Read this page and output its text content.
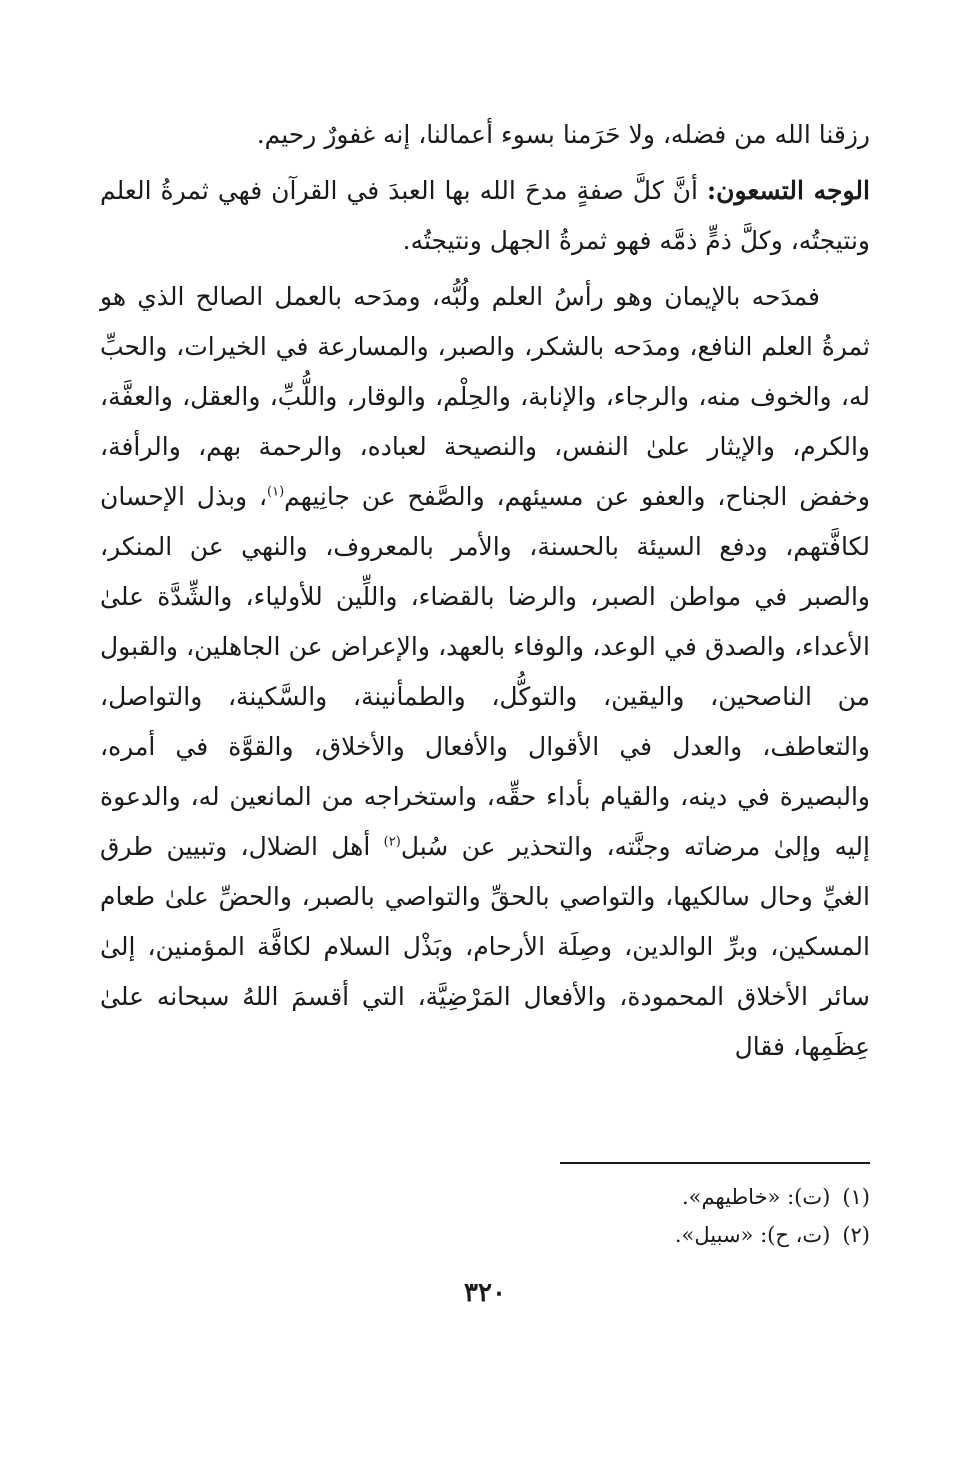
رزقنا الله من فضله، ولا حَرَمنا بسوء أعمالنا، إنه غفورٌ رحيم.

الوجه التسعون: أنَّ كلَّ صفةٍ مدحَ الله بها العبدَ في القرآن فهي ثمرةُ العلم ونتيجتُه، وكلَّ ذمٍّ ذمَّه فهو ثمرةُ الجهل ونتيجتُه.

فمدَحه بالإيمان وهو رأسُ العلم ولُبُّه، ومدَحه بالعمل الصالح الذي هو ثمرةُ العلم النافع، ومدَحه بالشكر، والصبر، والمسارعة في الخيرات، والحبِّ له، والخوف منه، والرجاء، والإنابة، والحِلْم، والوقار، واللُّبِّ، والعقل، والعفَّة، والكرم، والإيثار علىٰ النفس، والنصيحة لعباده، والرحمة بهم، والرأفة، وخفض الجناح، والعفو عن مسيئهم، والصَّفح عن جانِيهم$^{(١)}$، وبذل الإحسان لكافَّتهم، ودفع السيئة بالحسنة، والأمر بالمعروف، والنهي عن المنكر، والصبر في مواطن الصبر، والرضا بالقضاء، واللِّين للأولياء، والشِّدَّة علىٰ الأعداء، والصدق في الوعد، والوفاء بالعهد، والإعراض عن الجاهلين، والقبول من الناصحين، واليقين، والتوكُّل، والطمأنينة، والسَّكينة، والتواصل، والتعاطف، والعدل في الأقوال والأفعال والأخلاق، والقوَّة في أمره، والبصيرة في دينه، والقيام بأداء حقِّه، واستخراجه من المانعين له، والدعوة إليه وإلىٰ مرضاته وجنَّته، والتحذير عن سُبل$^{(٢)}$ أهل الضلال، وتبيين طرق الغيِّ وحال سالكيها، والتواصي بالحقِّ والتواصي بالصبر، والحضِّ علىٰ طعام المسكين، وبرِّ الوالدين، وصِلَة الأرحام، وبَذْل السلام لكافَّة المؤمنين، إلىٰ سائر الأخلاق المحمودة، والأفعال المَرْضِيَّة، التي أقسمَ اللهُ سبحانه علىٰ عِظَمِها، فقال

(١)(ت): «خاطيهم».

(٢)(ت، ح): «سبيل».

٣٢٠
